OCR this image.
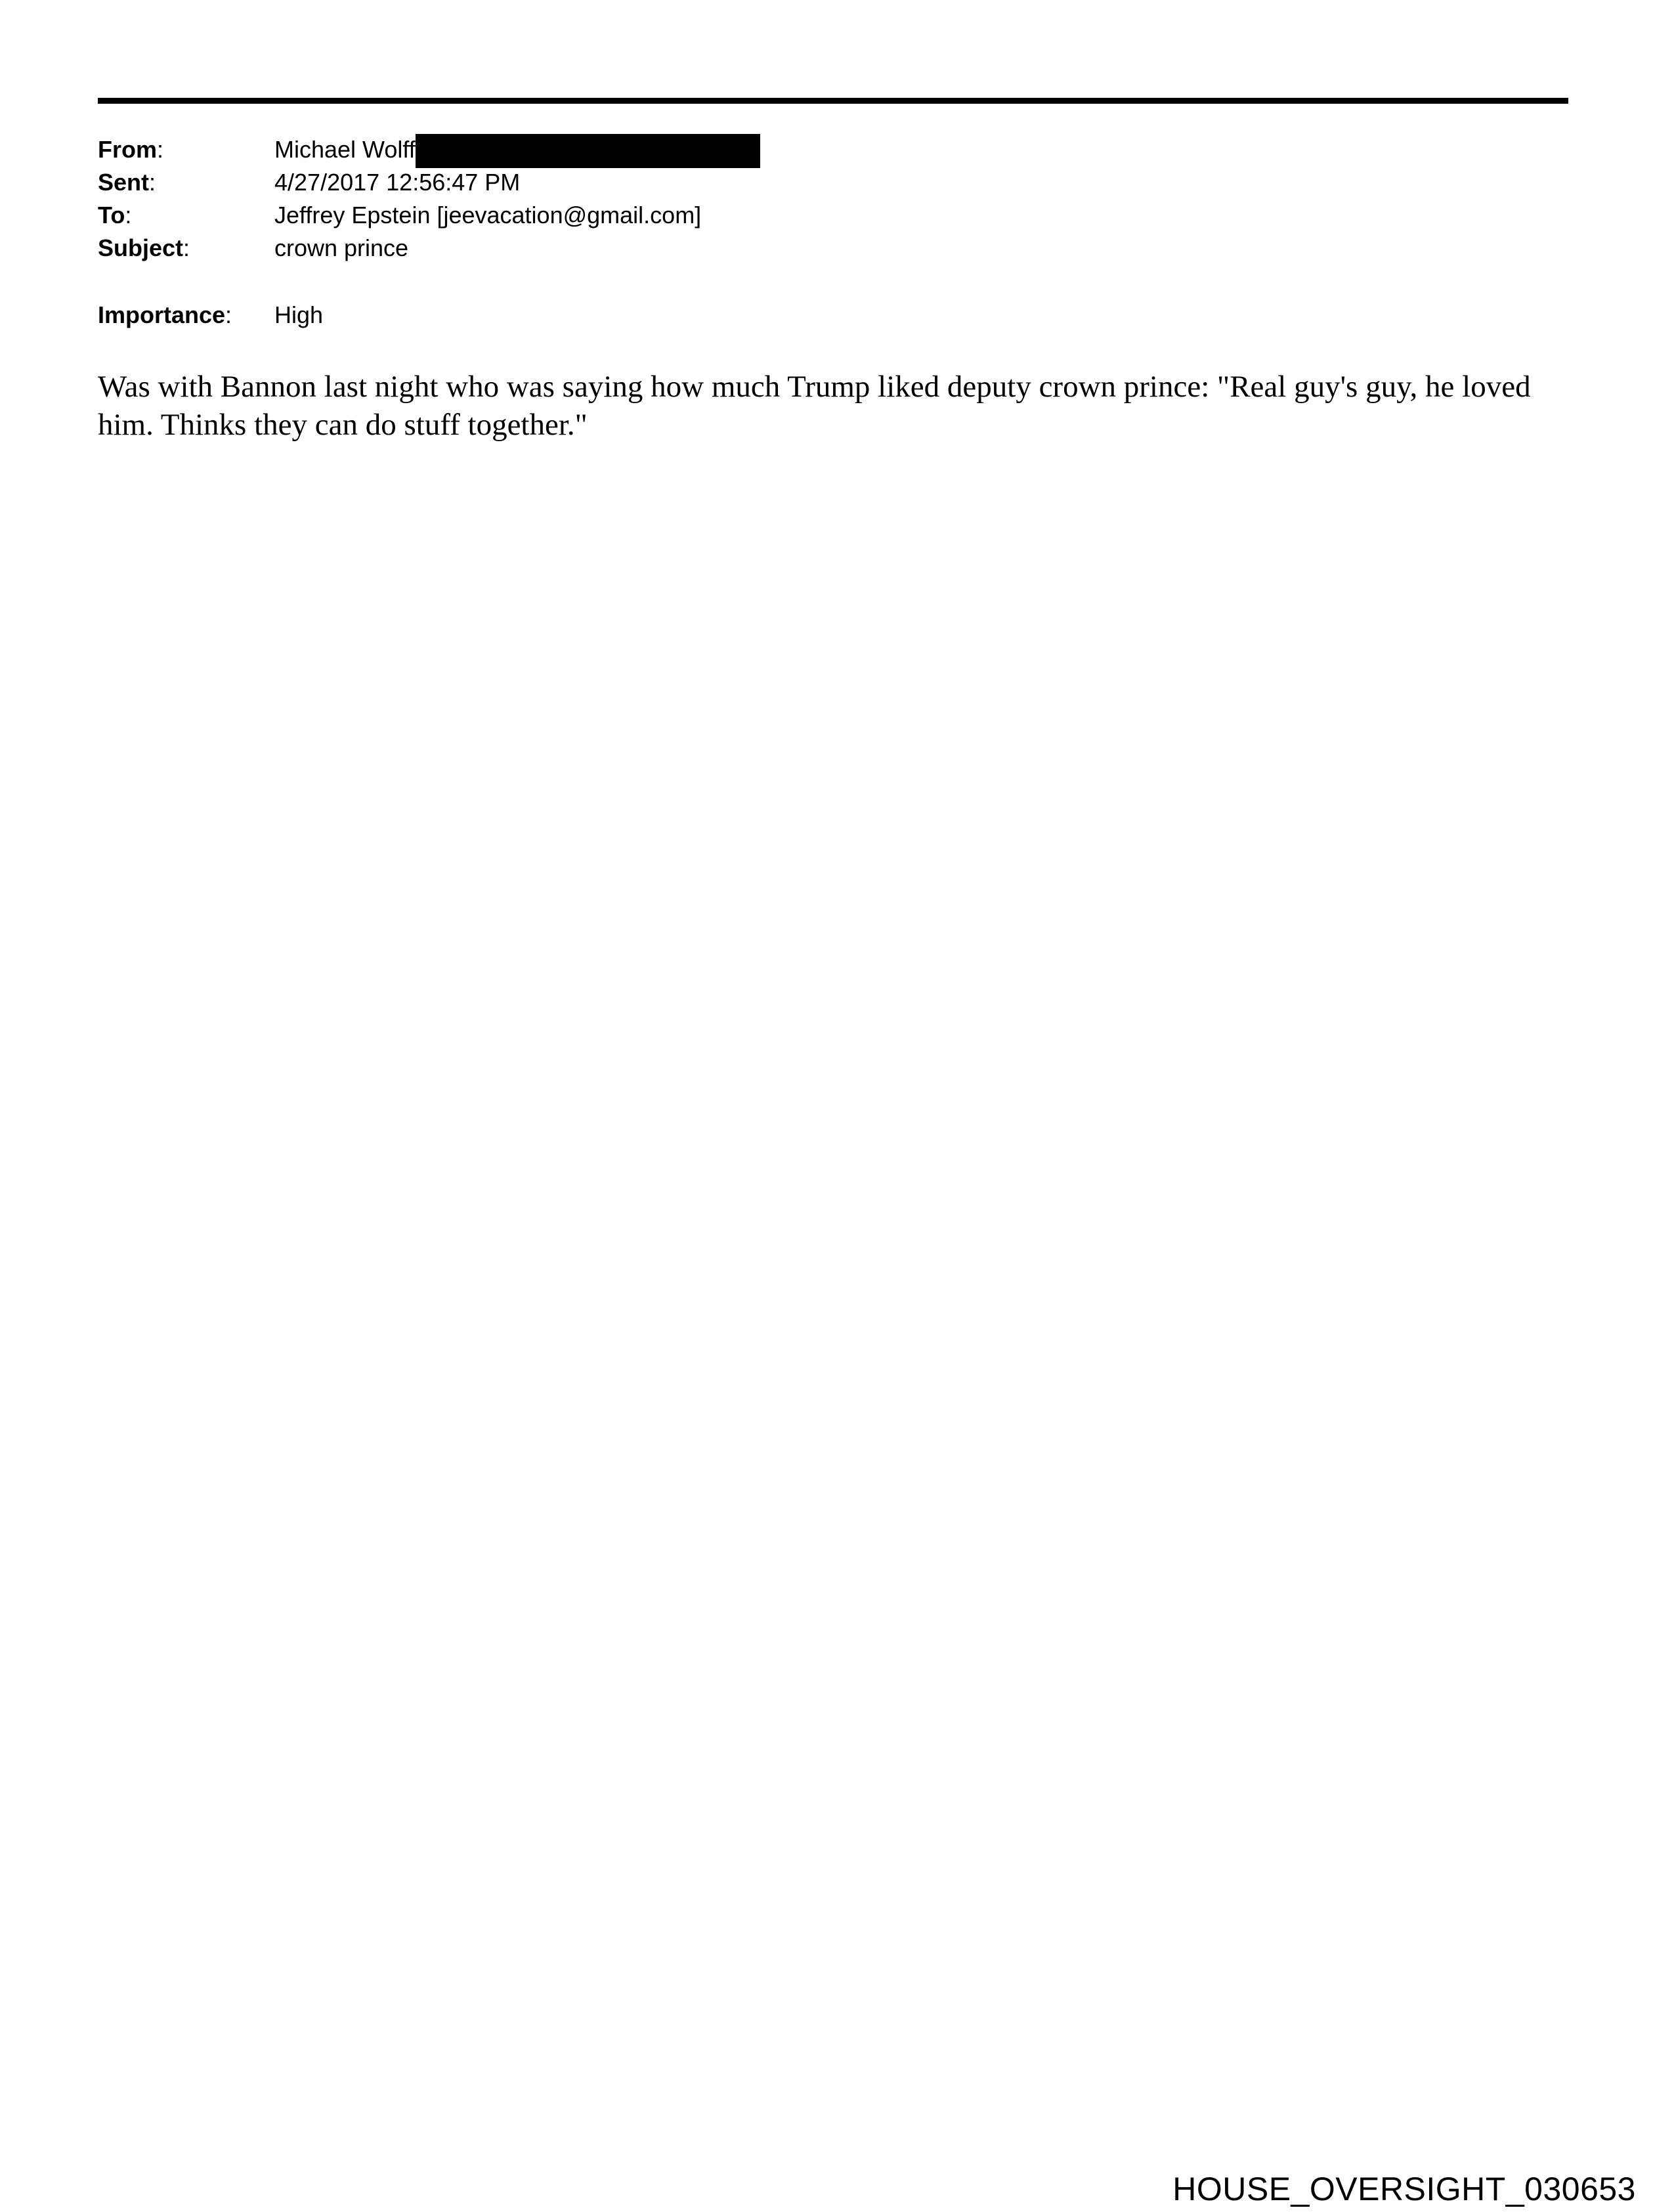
From:	Michael Wolff
Sent:	4/27/2017 12:56:47 PM
To:	Jeffrey Epstein [jeevacation@gmail.com]
Subject:	crown prince
Importance: High

Was with Bannon last night who was saying how much Trump liked deputy crown prince: "Real guy's guy, he loved him. Thinks they can do stuff together."

HOUSE_OVERSIGHT_030653
